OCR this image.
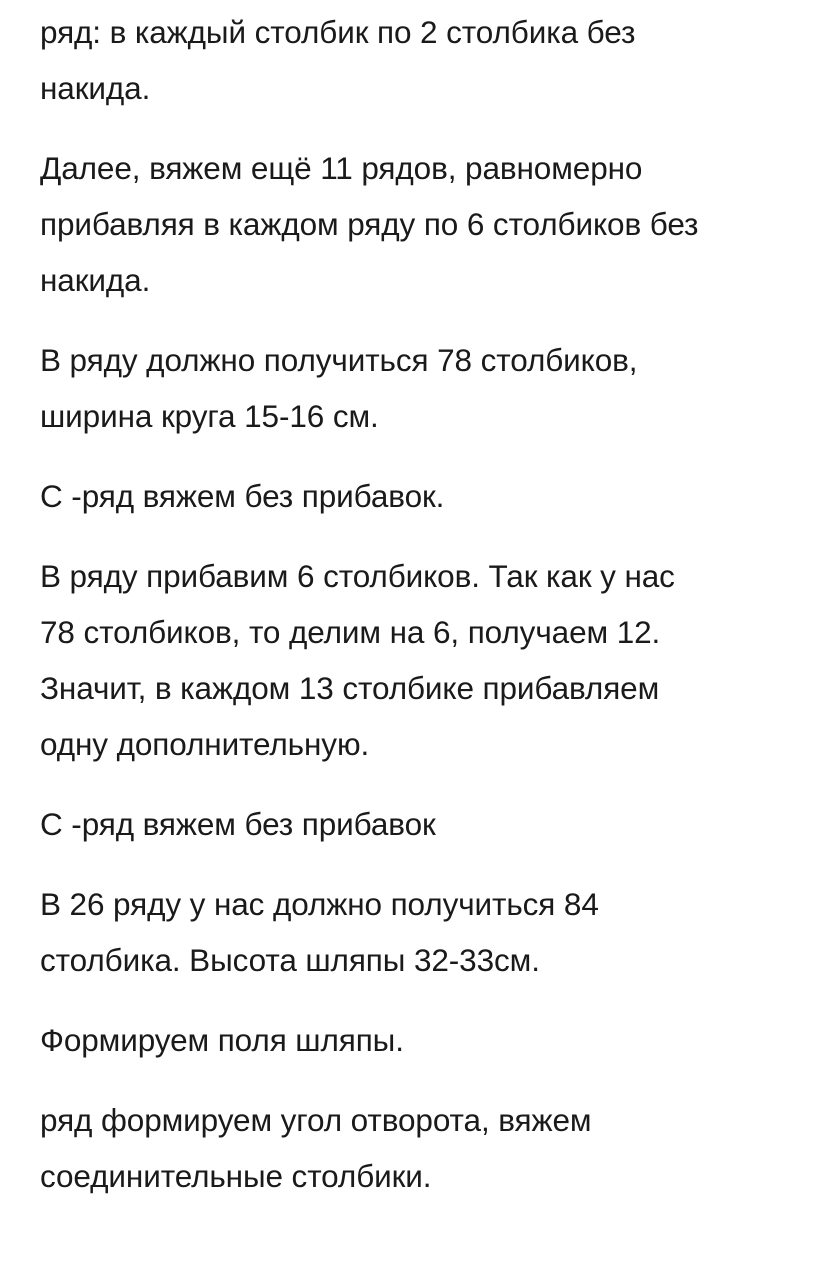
ряд: в каждый столбик по 2 столбика без
накида.

Далее, вяжем ещё 11 рядов, равномерно
прибавляя в каждом ряду по 6 столбиков без
накида.

В ряду должно получиться 78 столбиков,
ширина круга 15-16 см.

С -ряд вяжем без прибавок.

В ряду прибавим 6 столбиков. Так как у нас
78 столбиков, то делим на 6, получаем 12.
Значит, в каждом 13 столбике прибавляем
одну дополнительную.

С -ряд вяжем без прибавок

В 26 ряду у нас должно получиться 84
столбика. Высота шляпы 32-33см.

Формируем поля шляпы.

ряд формируем угол отворота, вяжем
соединительные столбики.
